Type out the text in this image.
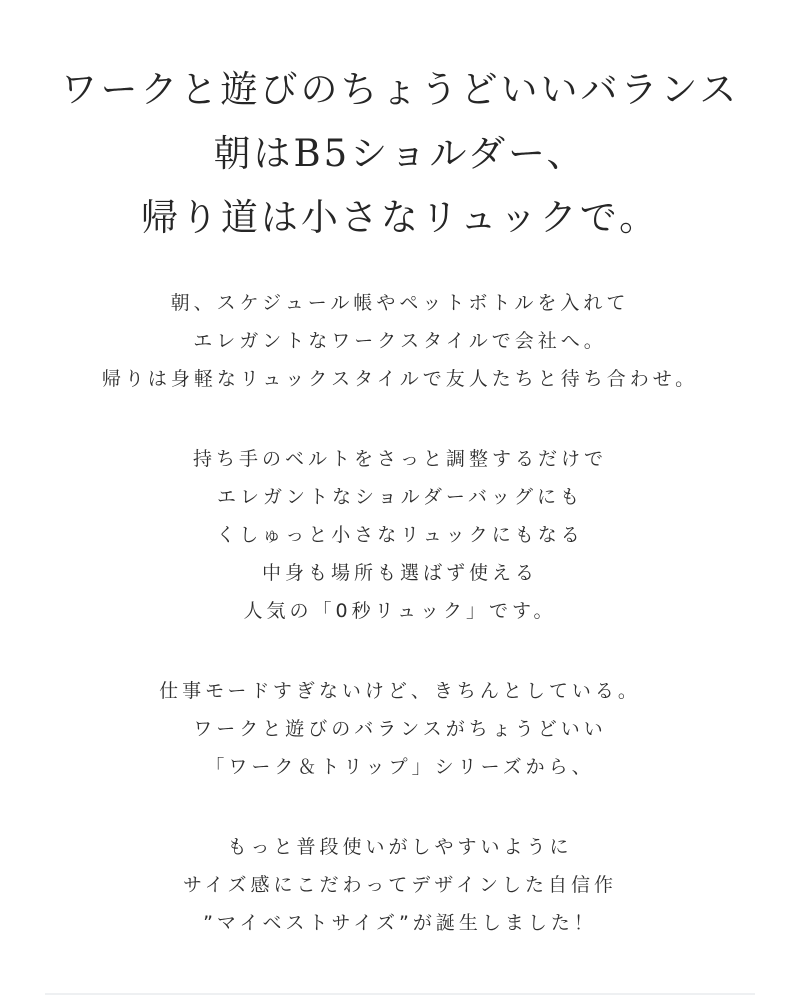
ワークと遊びのちょうどいいバランス
朝はB5ショルダー、
帰り道は小さなリュックで。
朝、スケジュール帳やペットボトルを入れて
エレガントなワークスタイルで会社へ。
帰りは身軽なリュックスタイルで友人たちと待ち合わせ。
持ち手のベルトをさっと調整するだけで
エレガントなショルダーバッグにも
くしゅっと小さなリュックにもなる
中身も場所も選ばず使える
人気の「0秒リュック」です。
仕事モードすぎないけど、きちんとしている。
ワークと遊びのバランスがちょうどいい
「ワーク＆トリップ」シリーズから、
もっと普段使いがしやすいように
サイズ感にこだわってデザインした自信作
”マイベストサイズ”が誕生しました！
